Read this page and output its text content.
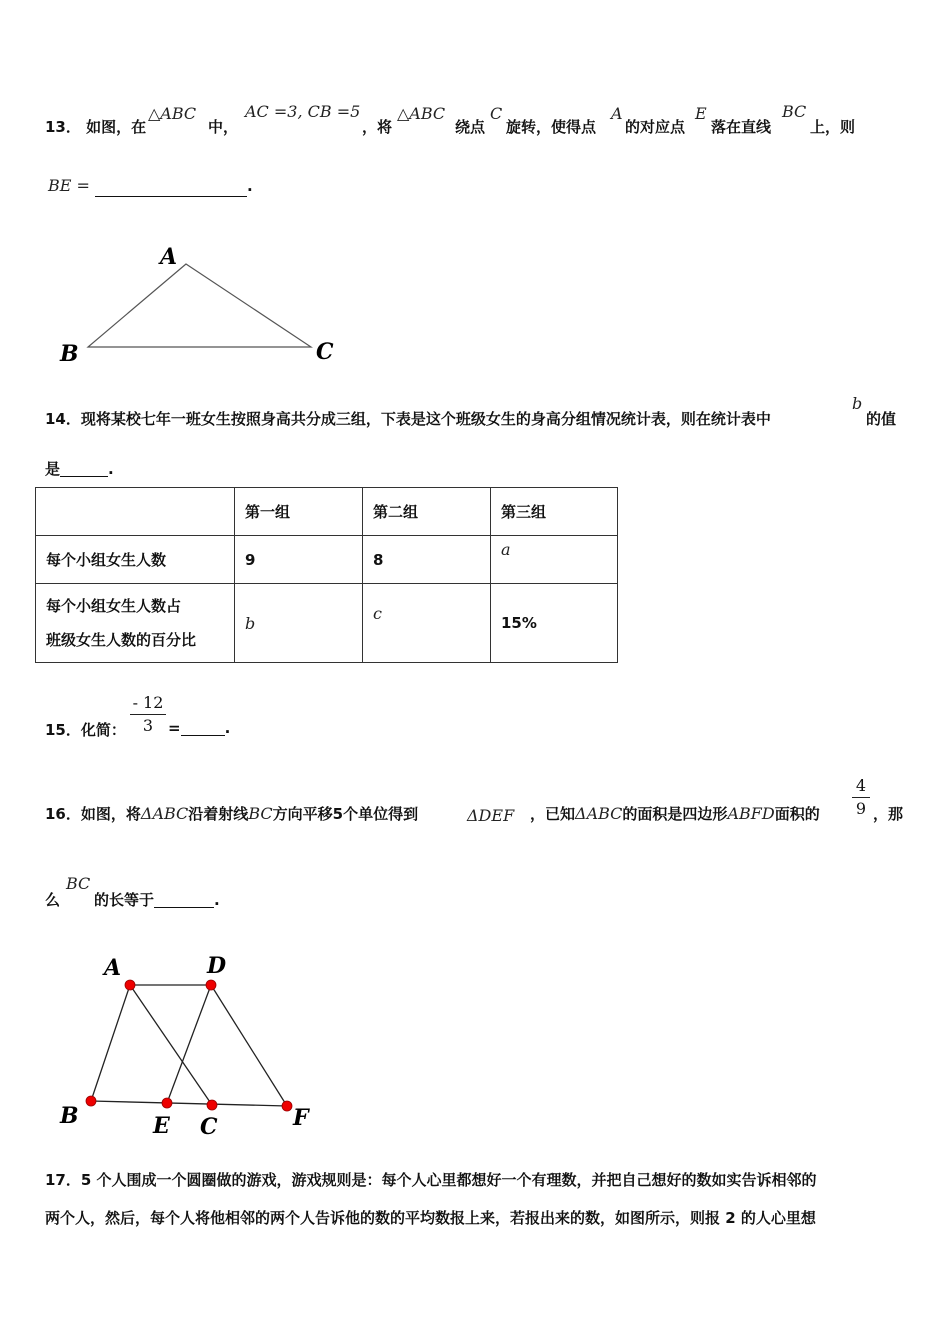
13． 如图，在
△ABC
中，
AC =3, CB =5
，将
△ABC
绕点
C
旋转，使得点
A
的对应点
E
落在直线
BC
上，则
BE =	.
A
B	C
14．现将某校七年一班女生按照身高共分成三组，下表是这个班级女生的身高分组情况统计表，则在统计表中
b
的值
是	.
	第一组	第二组	第三组
每个小组女生人数	9	8	a

每个小组女生人数占
班级女生人数的百分比	b	c	15%
15．化简： $\frac{- 12}{3}$ =	.
16．如图，将ΔABC沿着射线BC方向平移5个单位得到	ΔDEF ，已知ΔABC的面积是四边形ABFD面积的 $\frac{4}{9}$ ，那
么
BC
的长等于	.
A	D
B	E C	F
17．5 个人围成一个圆圈做的游戏，游戏规则是：每个人心里都想好一个有理数，并把自己想好的数如实告诉相邻的
两个人，然后，每个人将他相邻的两个人告诉他的数的平均数报上来，若报出来的数，如图所示，则报 2 的人心里想
